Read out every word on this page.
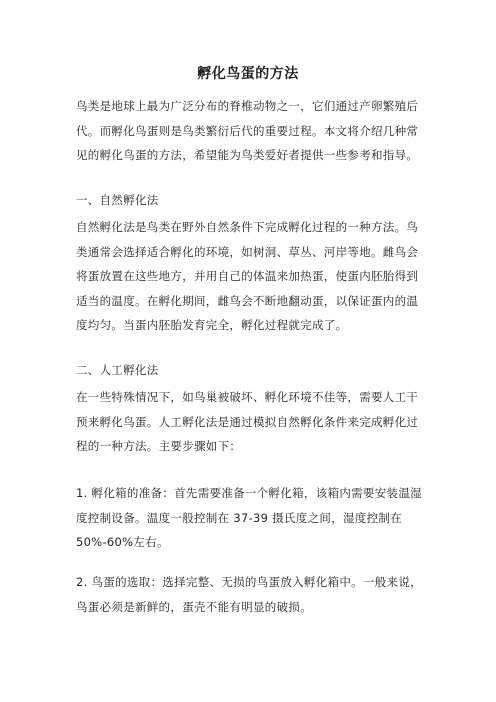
孵化鸟蛋的方法
鸟类是地球上最为广泛分布的脊椎动物之一，它们通过产卵繁殖后
代。而孵化鸟蛋则是鸟类繁衍后代的重要过程。本文将介绍几种常
见的孵化鸟蛋的方法，希望能为鸟类爱好者提供一些参考和指导。
一、自然孵化法
自然孵化法是鸟类在野外自然条件下完成孵化过程的一种方法。鸟
类通常会选择适合孵化的环境，如树洞、草丛、河岸等地。雌鸟会
将蛋放置在这些地方，并用自己的体温来加热蛋，使蛋内胚胎得到
适当的温度。在孵化期间，雌鸟会不断地翻动蛋，以保证蛋内的温
度均匀。当蛋内胚胎发育完全，孵化过程就完成了。
二、人工孵化法
在一些特殊情况下，如鸟巢被破坏、孵化环境不佳等，需要人工干
预来孵化鸟蛋。人工孵化法是通过模拟自然孵化条件来完成孵化过
程的一种方法。主要步骤如下：
1. 孵化箱的准备：首先需要准备一个孵化箱，该箱内需要安装温湿
度控制设备。温度一般控制在 37-39 摄氏度之间，湿度控制在
50%-60%左右。
2. 鸟蛋的选取：选择完整、无损的鸟蛋放入孵化箱中。一般来说，
鸟蛋必须是新鲜的，蛋壳不能有明显的破损。
